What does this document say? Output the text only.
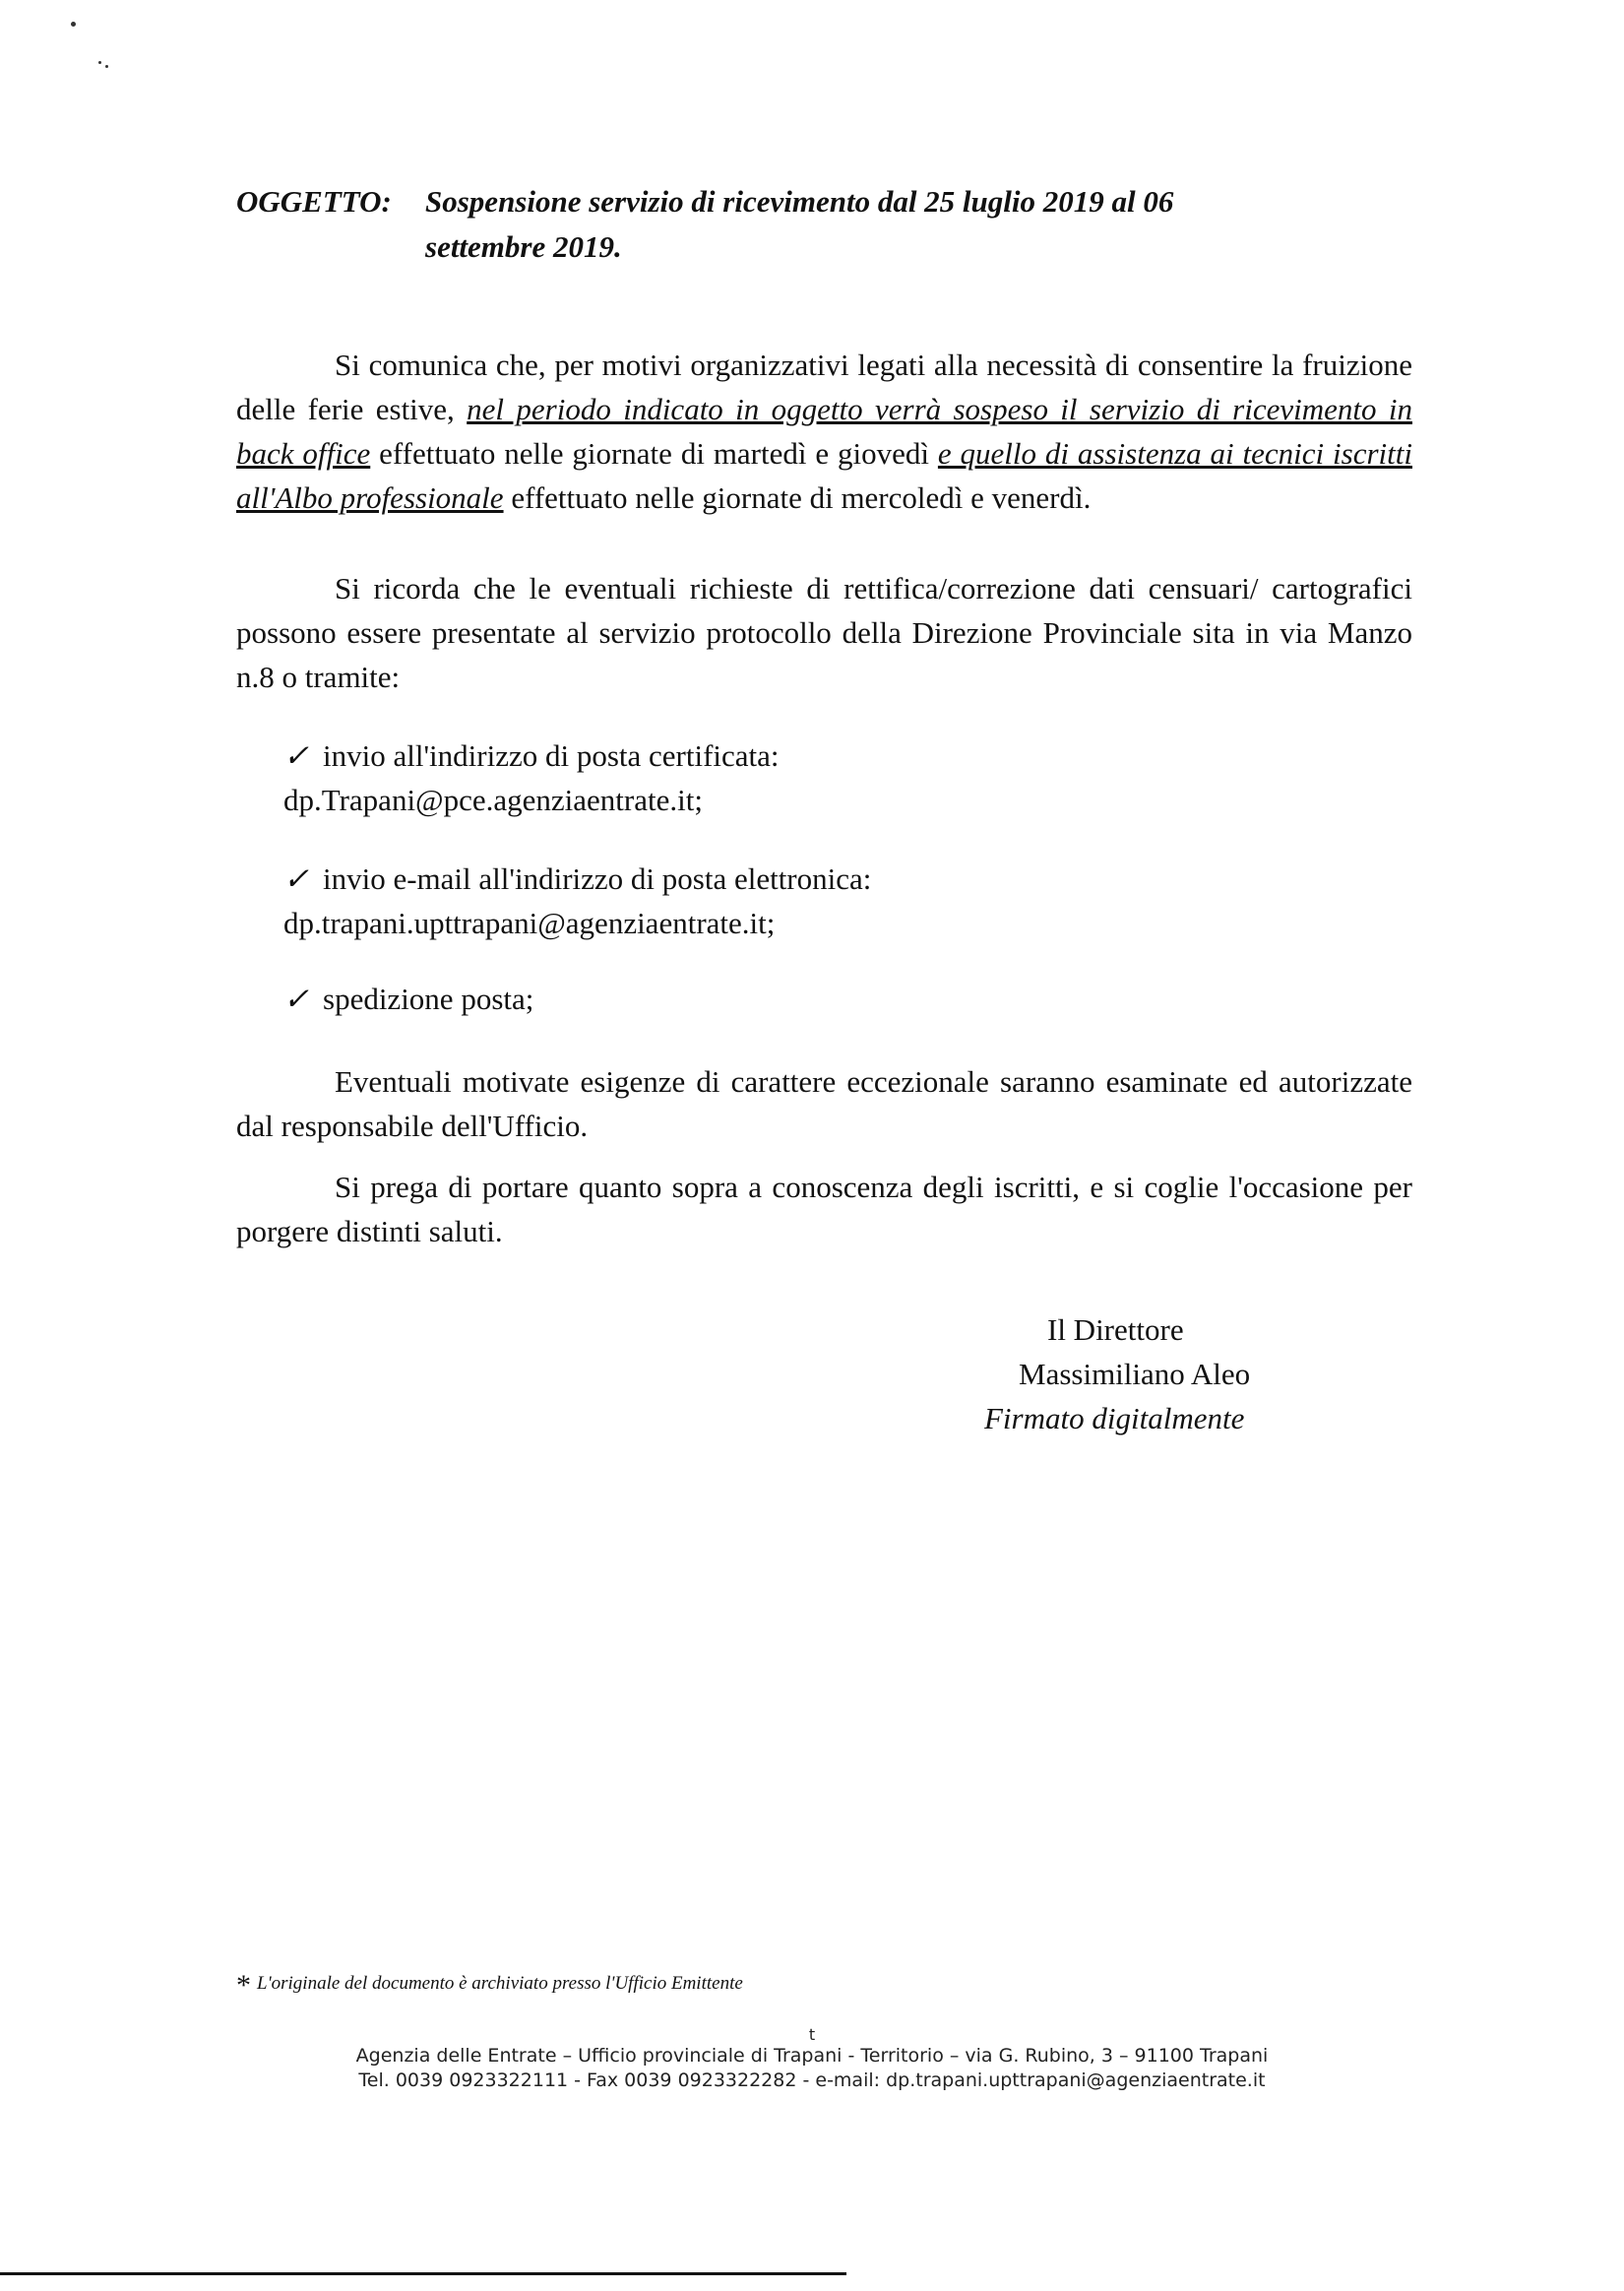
OGGETTO: Sospensione servizio di ricevimento dal 25 luglio 2019 al 06
settembre 2019.
Si comunica che, per motivi organizzativi legati alla necessità di consentire la fruizione delle ferie estive, nel periodo indicato in oggetto verrà sospeso il servizio di ricevimento in back office effettuato nelle giornate di martedì e giovedì e quello di assistenza ai tecnici iscritti all'Albo professionale effettuato nelle giornate di mercoledì e venerdì.
Si ricorda che le eventuali richieste di rettifica/correzione dati censuari/ cartografici possono essere presentate al servizio protocollo della Direzione Provinciale sita in via Manzo n.8 o tramite:
✓ invio all'indirizzo di posta certificata:
dp.Trapani@pce.agenziaentrate.it;
✓ invio e-mail all'indirizzo di posta elettronica:
dp.trapani.upttrapani@agenziaentrate.it;
✓ spedizione posta;
Eventuali motivate esigenze di carattere eccezionale saranno esaminate ed autorizzate dal responsabile dell'Ufficio.
Si prega di portare quanto sopra a conoscenza degli iscritti, e si coglie l'occasione per porgere distinti saluti.
Il Direttore
Massimiliano Aleo
Firmato digitalmente
* L'originale del documento è archiviato presso l'Ufficio Emittente
t
Agenzia delle Entrate – Ufficio provinciale di Trapani - Territorio – via G. Rubino, 3 – 91100 Trapani
Tel. 0039 0923322111 - Fax 0039 0923322282 - e-mail: dp.trapani.upttrapani@agenziaentrate.it
